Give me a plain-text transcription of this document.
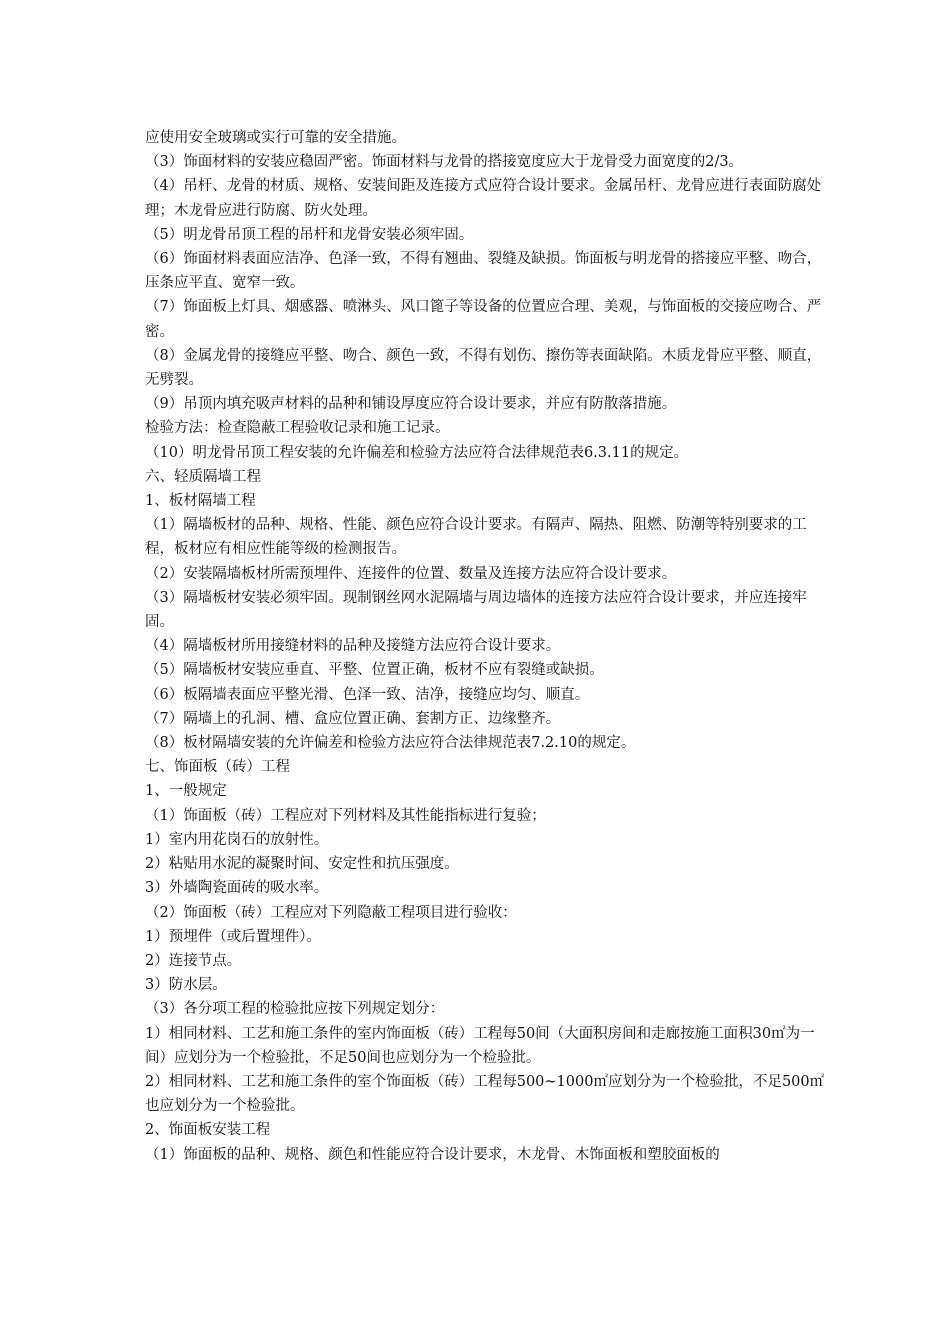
应使用安全玻璃或实行可靠的安全措施。

（3）饰面材料的安装应稳固严密。饰面材料与龙骨的搭接宽度应大于龙骨受力面宽度的2/3。

（4）吊杆、龙骨的材质、规格、安装间距及连接方式应符合设计要求。金属吊杆、龙骨应进行表面防腐处理；木龙骨应进行防腐、防火处理。

（5）明龙骨吊顶工程的吊杆和龙骨安装必须牢固。

（6）饰面材料表面应洁净、色泽一致，不得有翘曲、裂缝及缺损。饰面板与明龙骨的搭接应平整、吻合，压条应平直、宽窄一致。

（7）饰面板上灯具、烟感器、喷淋头、风口篦子等设备的位置应合理、美观，与饰面板的交接应吻合、严密。

（8）金属龙骨的接缝应平整、吻合、颜色一致，不得有划伤、擦伤等表面缺陷。木质龙骨应平整、顺直，无劈裂。

（9）吊顶内填充吸声材料的品种和铺设厚度应符合设计要求，并应有防散落措施。

检验方法：检查隐蔽工程验收记录和施工记录。

（10）明龙骨吊顶工程安装的允许偏差和检验方法应符合法律规范表6.3.11的规定。

六、轻质隔墙工程

1、板材隔墙工程

（1）隔墙板材的品种、规格、性能、颜色应符合设计要求。有隔声、隔热、阻燃、防潮等特别要求的工程，板材应有相应性能等级的检测报告。

（2）安装隔墙板材所需预埋件、连接件的位置、数量及连接方法应符合设计要求。

（3）隔墙板材安装必须牢固。现制钢丝网水泥隔墙与周边墙体的连接方法应符合设计要求，并应连接牢固。

（4）隔墙板材所用接缝材料的品种及接缝方法应符合设计要求。

（5）隔墙板材安装应垂直、平整、位置正确，板材不应有裂缝或缺损。

（6）板隔墙表面应平整光滑、色泽一致、洁净，接缝应均匀、顺直。

（7）隔墙上的孔洞、槽、盒应位置正确、套割方正、边缘整齐。

（8）板材隔墙安装的允许偏差和检验方法应符合法律规范表7.2.10的规定。

七、饰面板（砖）工程

1、一般规定

（1）饰面板（砖）工程应对下列材料及其性能指标进行复验；

1）室内用花岗石的放射性。

2）粘贴用水泥的凝聚时间、安定性和抗压强度。

3）外墙陶瓷面砖的吸水率。

（2）饰面板（砖）工程应对下列隐蔽工程项目进行验收：

1）预埋件（或后置埋件）。

2）连接节点。

3）防水层。

（3）各分项工程的检验批应按下列规定划分：

1）相同材料、工艺和施工条件的室内饰面板（砖）工程每50间（大面积房间和走廊按施工面积30㎡为一间）应划分为一个检验批，不足50间也应划分为一个检验批。

2）相同材料、工艺和施工条件的室个饰面板（砖）工程每500~1000㎡应划分为一个检验批，不足500㎡也应划分为一个检验批。

2、饰面板安装工程

（1）饰面板的品种、规格、颜色和性能应符合设计要求，木龙骨、木饰面板和塑胶面板的
